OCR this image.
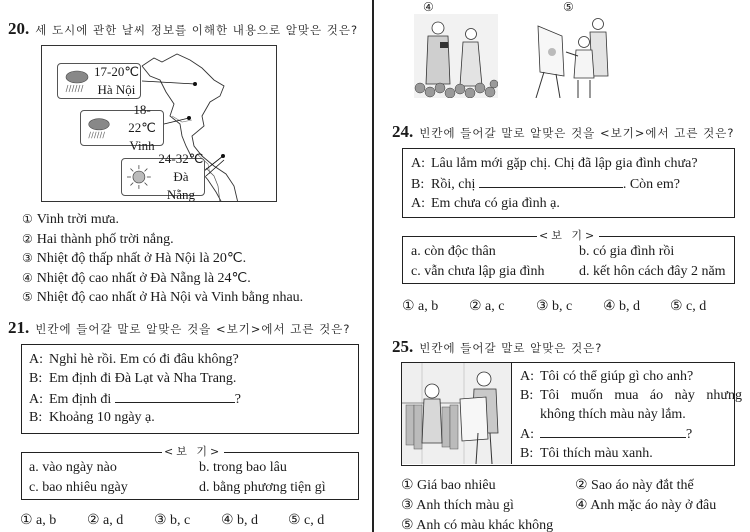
20. 세 도시에 관한 날씨 정보를 이해한 내용으로 알맞은 것은?
17-20℃
Hà Nội
18-22℃
Vinh
24-32℃
Đà Nẵng
① Vinh trời mưa.
② Hai thành phố trời nắng.
③ Nhiệt độ thấp nhất ở Hà Nội là 20℃.
④ Nhiệt độ cao nhất ở Đà Nẵng là 24℃.
⑤ Nhiệt độ cao nhất ở Hà Nội và Vinh bằng nhau.
21. 빈칸에 들어갈 말로 알맞은 것을 <보기>에서 고른 것은?
A: Nghỉ hè rồi. Em có đi đâu không?
B: Em định đi Đà Lạt và Nha Trang.
A: Em định đi	?
B: Khoảng 10 ngày ạ.
<보 기>
a. vào ngày nào	b. trong bao lâu
c. bao nhiêu ngày	d. bằng phương tiện gì
① a, b	② a, d	③ b, c	④ b, d	⑤ c, d
④	⑤
24. 빈칸에 들어갈 말로 알맞은 것을 <보기>에서 고른 것은?
A: Lâu lắm mới gặp chị. Chị đã lập gia đình chưa?
B: Rồi, chị	. Còn em?
A: Em chưa có gia đình ạ.
<보 기>
a. còn độc thân	b. có gia đình rồi
c. vẫn chưa lập gia đình	d. kết hôn cách đây 2 năm
① a, b	② a, c	③ b, c	④ b, d	⑤ c, d
25. 빈칸에 들어갈 말로 알맞은 것은?
A: Tôi có thể giúp gì cho anh?
B: Tôi muốn mua áo này nhưng
không thích màu này lắm.
A:	?
B: Tôi thích màu xanh.
① Giá bao nhiêu	② Sao áo này đắt thế
③ Anh thích màu gì	④ Anh mặc áo này ở đâu
⑤ Anh có màu khác không
